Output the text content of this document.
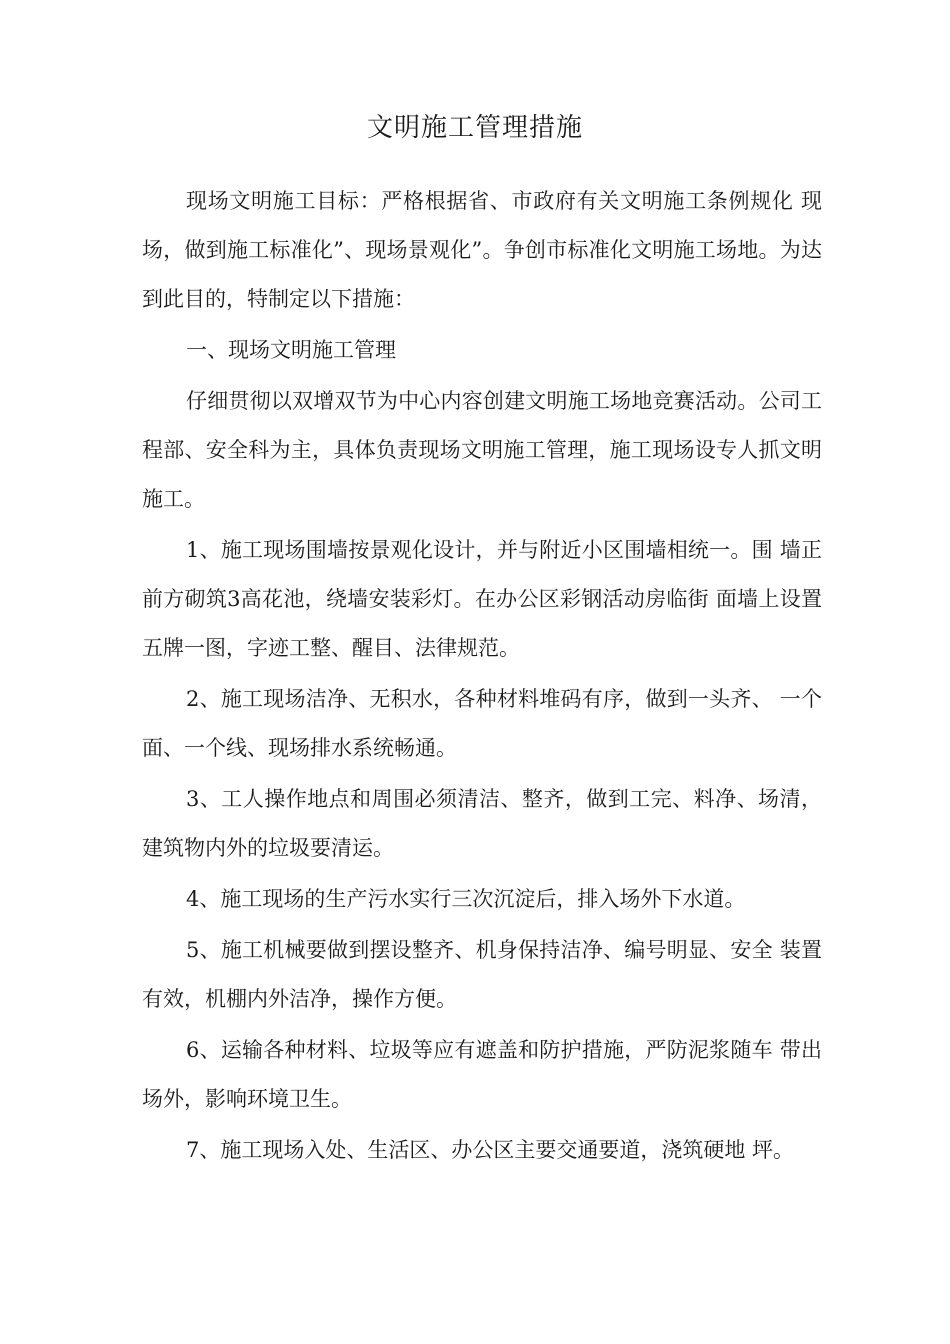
文明施工管理措施

现场文明施工目标：严格根据省、市政府有关文明施工条例规化 现场，做到施工标准化”、现场景观化”。争创市标准化文明施工场地。为达到此目的，特制定以下措施：

一、现场文明施工管理

仔细贯彻以双增双节为中心内容创建文明施工场地竞赛活动。公司工 程部、安全科为主，具体负责现场文明施工管理，施工现场设专人抓文明施工。

1、施工现场围墙按景观化设计，并与附近小区围墙相统一。围 墙正前方砌筑3高花池，绕墙安装彩灯。在办公区彩钢活动房临街 面墙上设置五牌一图，字迹工整、醒目、法律规范。

2、施工现场洁净、无积水，各种材料堆码有序，做到一头齐、 一个面、一个线、现场排水系统畅通。

3、工人操作地点和周围必须清洁、整齐，做到工完、料净、场清，建筑物内外的垃圾要清运。

4、施工现场的生产污水实行三次沉淀后，排入场外下水道。

5、施工机械要做到摆设整齐、机身保持洁净、编号明显、安全 装置有效，机棚内外洁净，操作方便。

6、运输各种材料、垃圾等应有遮盖和防护措施，严防泥浆随车 带出场外，影响环境卫生。

7、施工现场入处、生活区、办公区主要交通要道，浇筑硬地 坪。
